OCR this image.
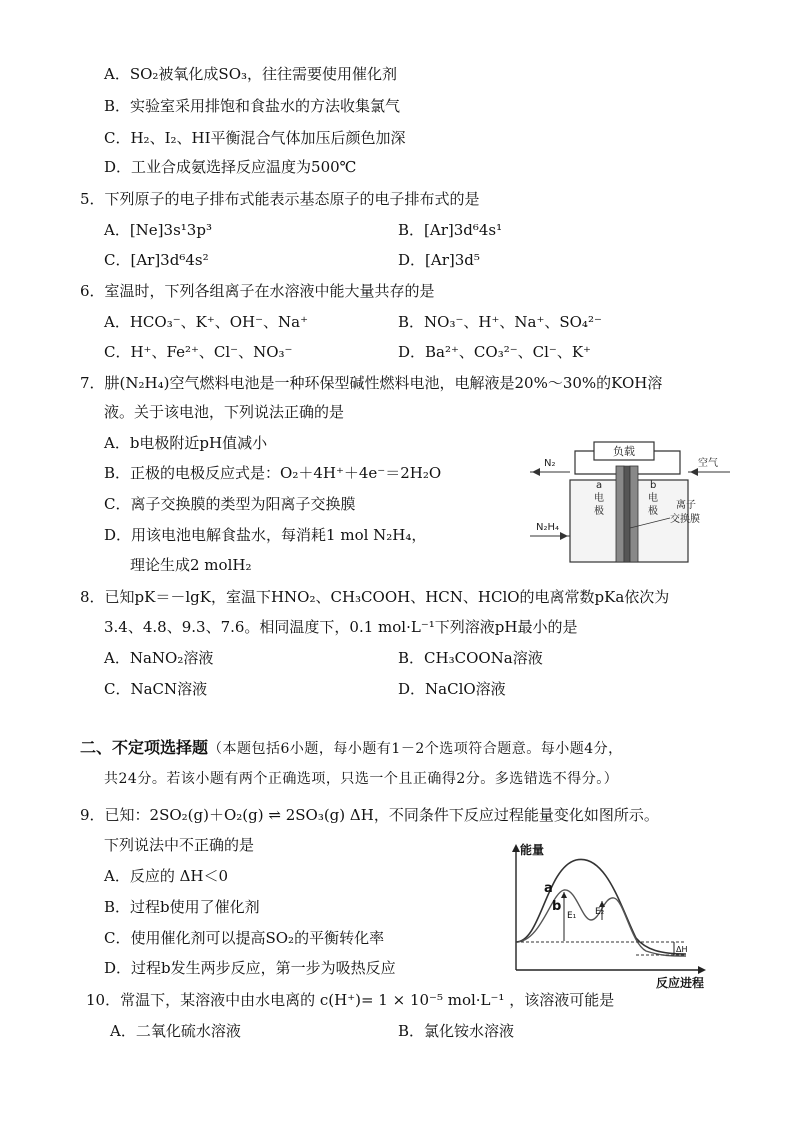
A．SO₂被氧化成SO₃，往往需要使用催化剂
B．实验室采用排饱和食盐水的方法收集氯气
C．H₂、I₂、HI平衡混合气体加压后颜色加深
D．工业合成氨选择反应温度为500℃
5．下列原子的电子排布式能表示基态原子的电子排布式的是
A．[Ne]3s¹3p³	B．[Ar]3d⁶4s¹
C．[Ar]3d⁶4s²	D．[Ar]3d⁵
6．室温时，下列各组离子在水溶液中能大量共存的是
A．HCO₃⁻、K⁺、OH⁻、Na⁺	B．NO₃⁻、H⁺、Na⁺、SO₄²⁻
C．H⁺、Fe²⁺、Cl⁻、NO₃⁻	D．Ba²⁺、CO₃²⁻、Cl⁻、K⁺
7．肼(N₂H₄)空气燃料电池是一种环保型碱性燃料电池，电解液是20%～30%的KOH溶
液。关于该电池，下列说法正确的是
A．b电极附近pH值减小
B．正极的电极反应式是：O₂＋4H⁺＋4e⁻＝2H₂O
C．离子交换膜的类型为阳离子交换膜
D．用该电池电解食盐水，每消耗1 mol N₂H₄，
理论生成2 molH₂
负载
N₂
N₂H₄
空气
a
电
极
b
电
极
离子
交换膜
8．已知pK＝－lgK，室温下HNO₂、CH₃COOH、HCN、HClO的电离常数pKa依次为
3.4、4.8、9.3、7.6。相同温度下，0.1 mol·L⁻¹下列溶液pH最小的是
A．NaNO₂溶液	B．CH₃COONa溶液
C．NaCN溶液	D．NaClO溶液
二、不定项选择题（本题包括6小题，每小题有1－2个选项符合题意。每小题4分，
共24分。若该小题有两个正确选项，只选一个且正确得2分。多选错选不得分。）
9．已知：2SO₂(g)＋O₂(g) ⇌ 2SO₃(g) ΔH，不同条件下反应过程能量变化如图所示。
下列说法中不正确的是
A．反应的 ΔH＜0
B．过程b使用了催化剂
C．使用催化剂可以提高SO₂的平衡转化率
D．过程b发生两步反应，第一步为吸热反应
能量
反应进程
a
b
E₁ E₂
ΔH
10．常温下，某溶液中由水电离的 c(H⁺)= 1 × 10⁻⁵ mol·L⁻¹ ，该溶液可能是
A．二氧化硫水溶液	B．氯化铵水溶液
